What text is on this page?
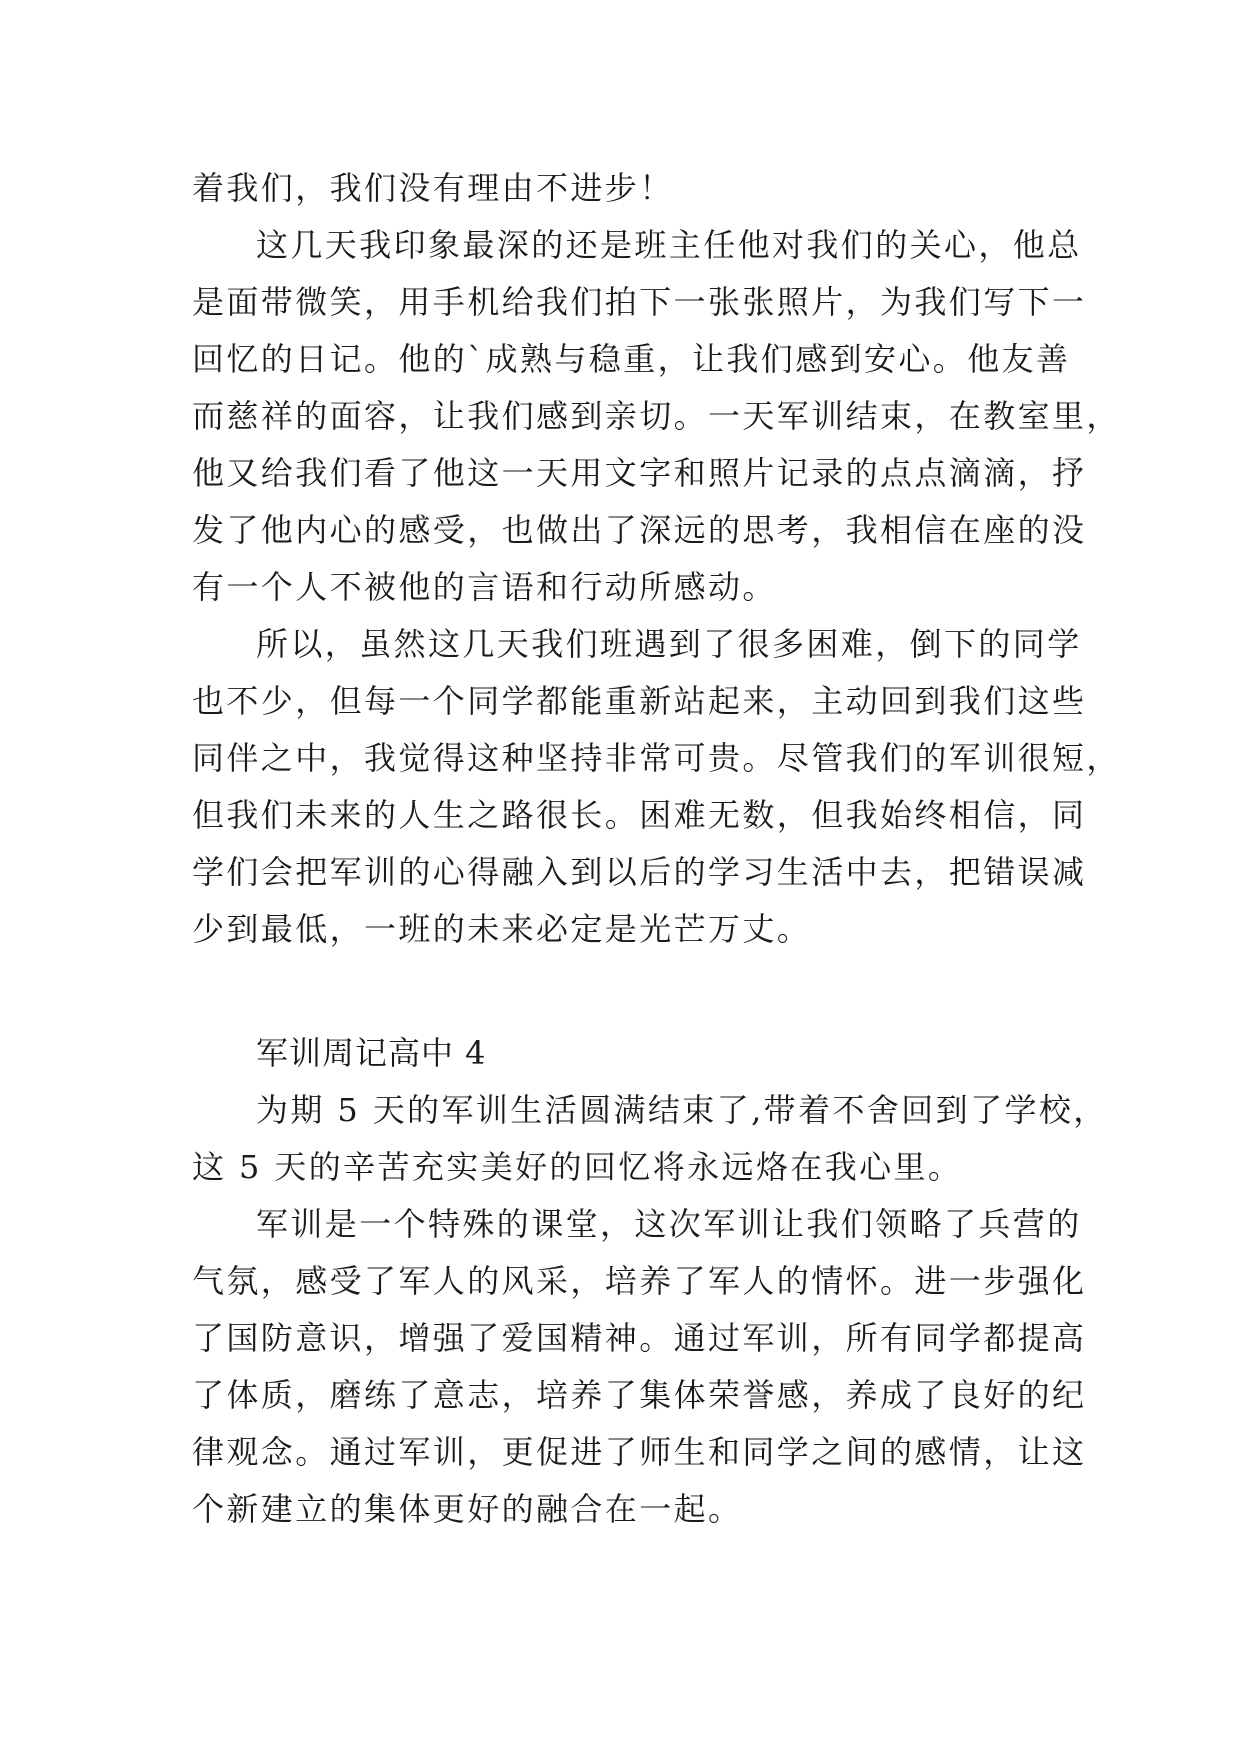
着我们，我们没有理由不进步！
这几天我印象最深的还是班主任他对我们的关心，他总
是面带微笑，用手机给我们拍下一张张照片，为我们写下一
回忆的日记。他的`成熟与稳重，让我们感到安心。他友善
而慈祥的面容，让我们感到亲切。一天军训结束，在教室里，
他又给我们看了他这一天用文字和照片记录的点点滴滴，抒
发了他内心的感受，也做出了深远的思考，我相信在座的没
有一个人不被他的言语和行动所感动。
所以，虽然这几天我们班遇到了很多困难，倒下的同学
也不少，但每一个同学都能重新站起来，主动回到我们这些
同伴之中，我觉得这种坚持非常可贵。尽管我们的军训很短，
但我们未来的人生之路很长。困难无数，但我始终相信，同
学们会把军训的心得融入到以后的学习生活中去，把错误减
少到最低，一班的未来必定是光芒万丈。
军训周记高中 4
为期 5 天的军训生活圆满结束了,带着不舍回到了学校，
这 5 天的辛苦充实美好的回忆将永远烙在我心里。
军训是一个特殊的课堂，这次军训让我们领略了兵营的
气氛，感受了军人的风采，培养了军人的情怀。进一步强化
了国防意识，增强了爱国精神。通过军训，所有同学都提高
了体质，磨练了意志，培养了集体荣誉感，养成了良好的纪
律观念。通过军训，更促进了师生和同学之间的感情，让这
个新建立的集体更好的融合在一起。
